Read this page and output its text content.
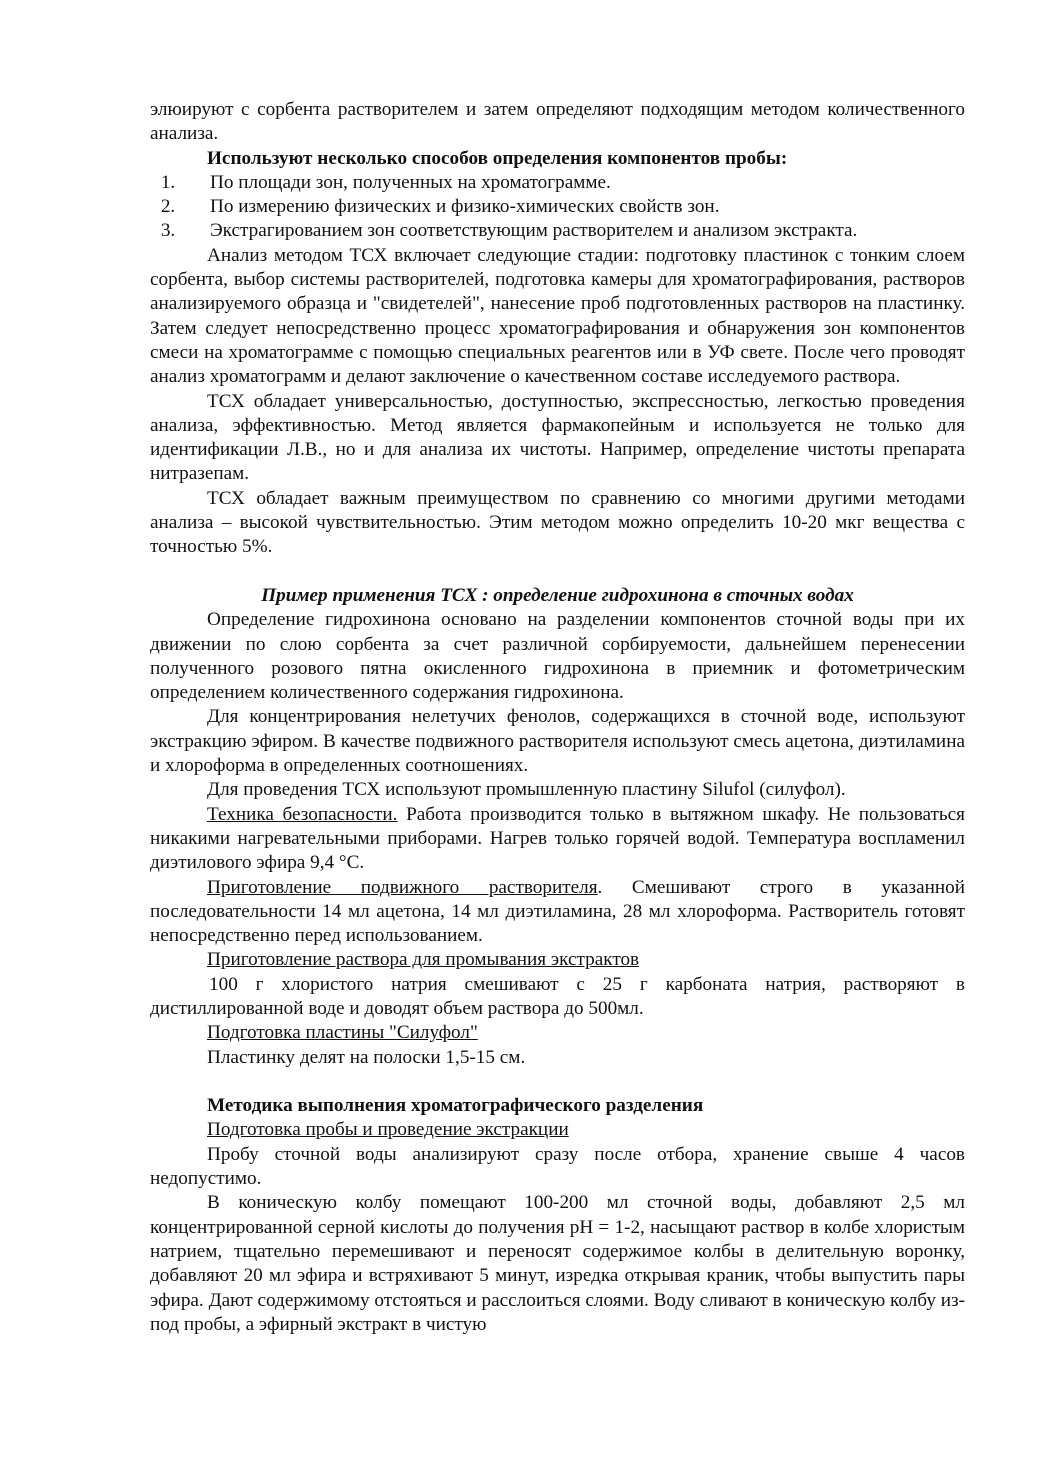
элюируют с сорбента растворителем и затем определяют подходящим методом количественного анализа.

Используют несколько способов определения компонентов пробы:

1. По площади зон, полученных на хроматограмме.
2. По измерению физических и физико-химических свойств зон.
3. Экстрагированием зон соответствующим растворителем и анализом экстракта.

Анализ методом ТСХ включает следующие стадии: подготовку пластинок с тонким слоем сорбента, выбор системы растворителей, подготовка камеры для хроматографирования, растворов анализируемого образца и "свидетелей", нанесение проб подготовленных растворов на пластинку. Затем следует непосредственно процесс хроматографирования и обнаружения зон компонентов смеси на хроматограмме с помощью специальных реагентов или в УФ свете. После чего проводят анализ хроматограмм и делают заключение о качественном составе исследуемого раствора.

ТСХ обладает универсальностью, доступностью, экспрессностью, легкостью проведения анализа, эффективностью. Метод является фармакопейным и используется не только для идентификации Л.В., но и для анализа их чистоты. Например, определение чистоты препарата нитразепам.

ТСХ обладает важным преимуществом по сравнению со многими другими методами анализа – высокой чувствительностью. Этим методом можно определить 10-20 мкг вещества с точностью 5%.

Пример применения ТСХ : определение гидрохинона в сточных водах

Определение гидрохинона основано на разделении компонентов сточной воды при их движении по слою сорбента за счет различной сорбируемости, дальнейшем перенесении полученного розового пятна окисленного гидрохинона в приемник и фотометрическим определением количественного содержания гидрохинона.

Для концентрирования нелетучих фенолов, содержащихся в сточной воде, используют экстракцию эфиром. В качестве подвижного растворителя используют смесь ацетона, диэтиламина и хлороформа в определенных соотношениях.

Для проведения ТСХ используют промышленную пластину Silufol (силуфол).

Техника безопасности. Работа производится только в вытяжном шкафу. Не пользоваться никакими нагревательными приборами. Нагрев только горячей водой. Температура воспламенил диэтилового эфира 9,4 °С.

Приготовление подвижного растворителя. Смешивают строго в указанной последовательности 14 мл ацетона, 14 мл диэтиламина, 28 мл хлороформа. Растворитель готовят непосредственно перед использованием.

Приготовление раствора для промывания экстрактов

100 г хлористого натрия смешивают с 25 г карбоната натрия, растворяют в дистиллированной воде и доводят объем раствора до 500мл.

Подготовка пластины "Силуфол"

Пластинку делят на полоски 1,5-15 см.

Методика выполнения хроматографического разделения

Подготовка пробы и проведение экстракции

Пробу сточной воды анализируют сразу после отбора, хранение свыше 4 часов недопустимо.

В коническую колбу помещают 100-200 мл сточной воды, добавляют 2,5 мл концентрированной серной кислоты до получения рН = 1-2, насыщают раствор в колбе хлористым натрием, тщательно перемешивают и переносят содержимое колбы в делительную воронку, добавляют 20 мл эфира и встряхивают 5 минут, изредка открывая краник, чтобы выпустить пары эфира. Дают содержимому отстояться и расслоиться слоями. Воду сливают в коническую колбу из-под пробы, а эфирный экстракт в чистую
